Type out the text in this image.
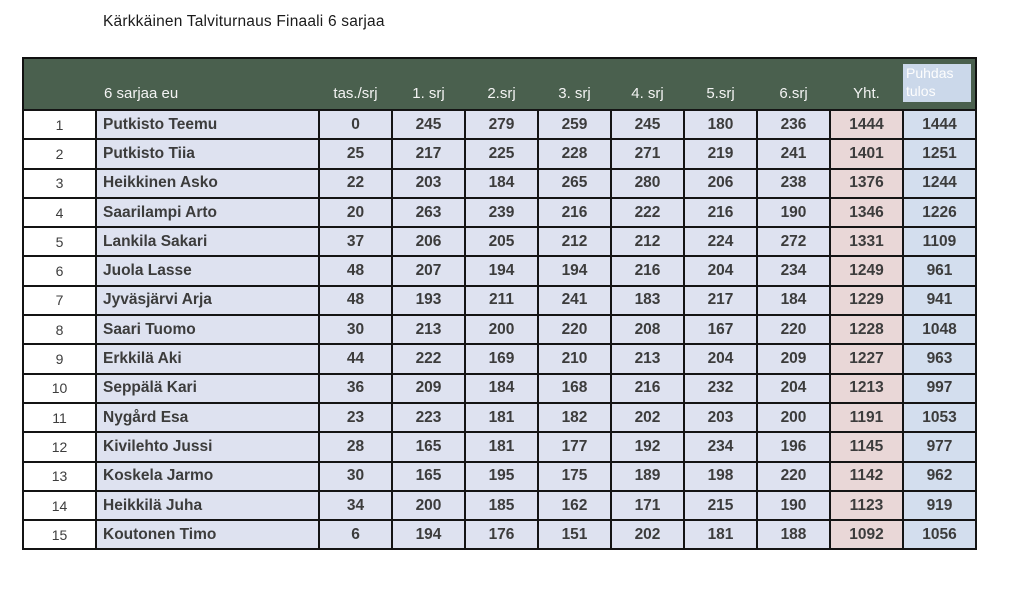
Kärkkäinen Talviturnaus Finaali 6 sarjaa
	6 sarjaa eu	tas./srj	1. srj	2.srj	3. srj	4. srj	5.srj	6.srj	Yht.	Puhdas tulos

1	Putkisto Teemu	0	245	279	259	245	180	236	1444	1444
2	Putkisto Tiia	25	217	225	228	271	219	241	1401	1251
3	Heikkinen Asko	22	203	184	265	280	206	238	1376	1244
4	Saarilampi Arto	20	263	239	216	222	216	190	1346	1226
5	Lankila Sakari	37	206	205	212	212	224	272	1331	1109
6	Juola Lasse	48	207	194	194	216	204	234	1249	961
7	Jyväsjärvi Arja	48	193	211	241	183	217	184	1229	941
8	Saari Tuomo	30	213	200	220	208	167	220	1228	1048
9	Erkkilä Aki	44	222	169	210	213	204	209	1227	963
10	Seppälä Kari	36	209	184	168	216	232	204	1213	997
11	Nygård Esa	23	223	181	182	202	203	200	1191	1053
12	Kivilehto Jussi	28	165	181	177	192	234	196	1145	977
13	Koskela Jarmo	30	165	195	175	189	198	220	1142	962
14	Heikkilä Juha	34	200	185	162	171	215	190	1123	919
15	Koutonen Timo	6	194	176	151	202	181	188	1092	1056
